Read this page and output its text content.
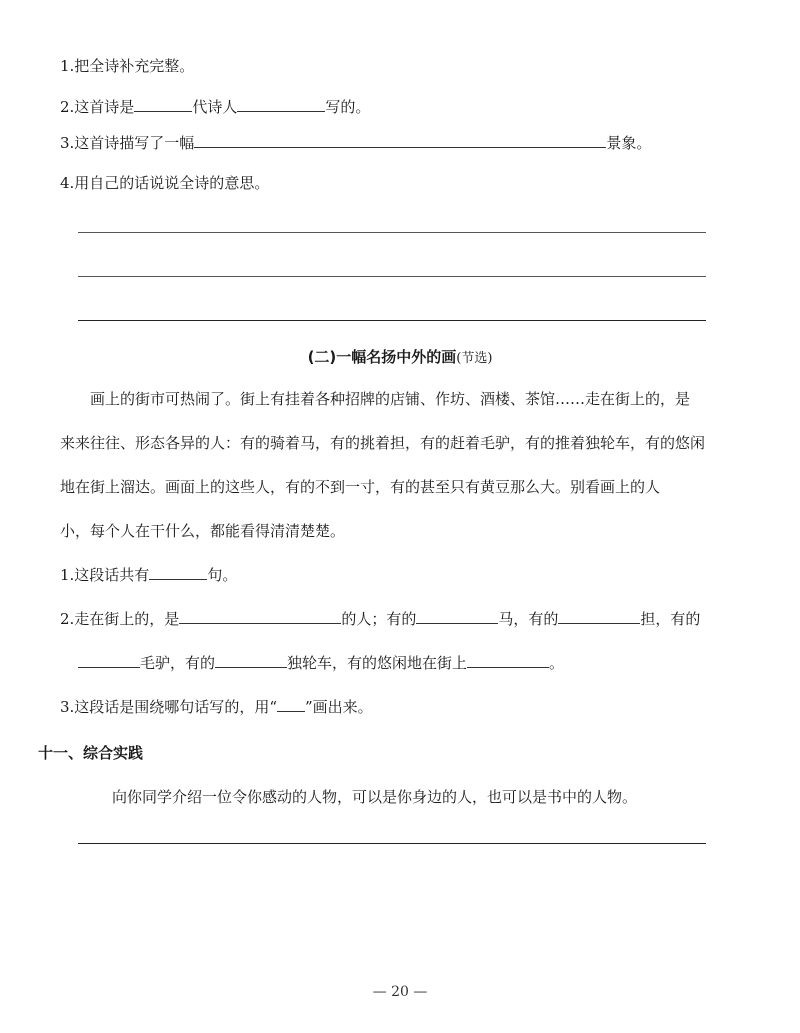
1.把全诗补充完整。
2.这首诗是	代诗人	写的。
3.这首诗描写了一幅	景象。
4.用自己的话说说全诗的意思。
(二)一幅名扬中外的画(节选)
画上的街市可热闹了。街上有挂着各种招牌的店铺、作坊、酒楼、茶馆……走在街上的，是
来来往往、形态各异的人：有的骑着马，有的挑着担，有的赶着毛驴，有的推着独轮车，有的悠闲
地在街上溜达。画面上的这些人，有的不到一寸，有的甚至只有黄豆那么大。别看画上的人
小，每个人在干什么，都能看得清清楚楚。
1.这段话共有	句。
2.走在街上的，是	的人；有的	马，有的	担，有的
毛驴，有的	独轮车，有的悠闲地在街上	。
3.这段话是围绕哪句话写的，用“ ”画出来。
十一、综合实践
向你同学介绍一位令你感动的人物，可以是你身边的人，也可以是书中的人物。
— 20 —
